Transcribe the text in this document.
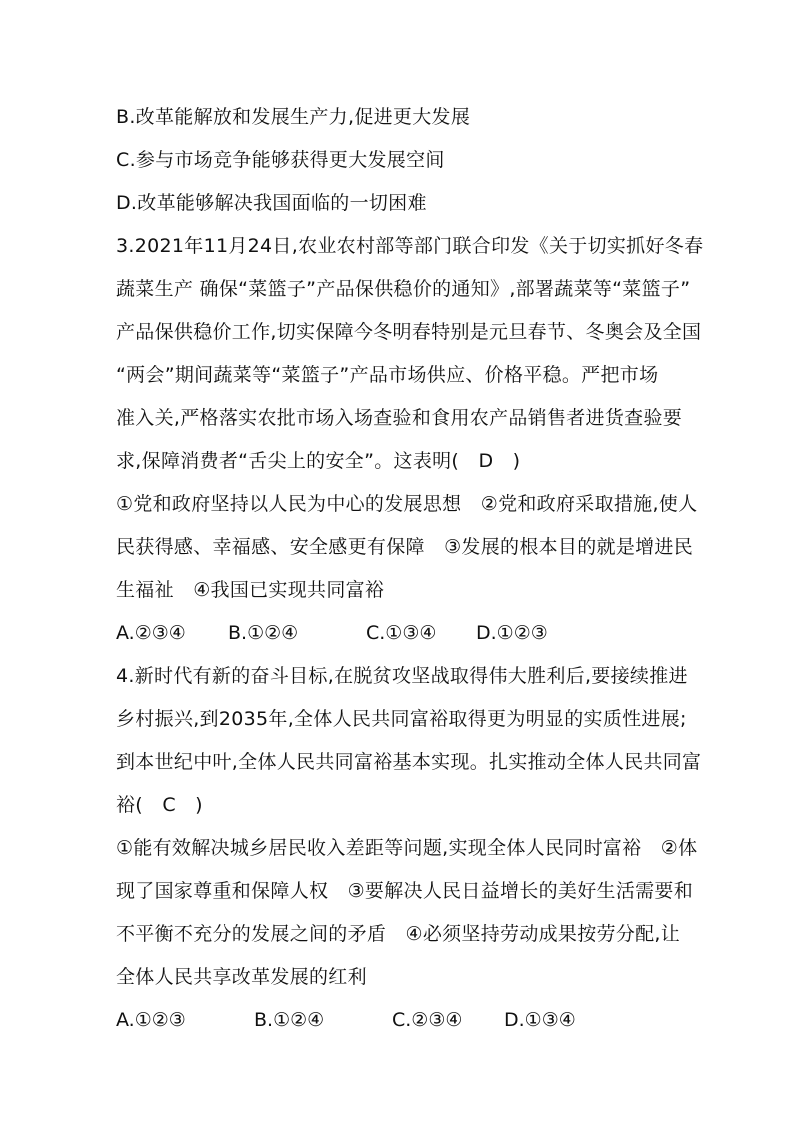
B.改革能解放和发展生产力,促进更大发展
C.参与市场竞争能够获得更大发展空间
D.改革能够解决我国面临的一切困难
3.2021年11月24日,农业农村部等部门联合印发《关于切实抓好冬春
蔬菜生产 确保“菜篮子”产品保供稳价的通知》,部署蔬菜等“菜篮子”
产品保供稳价工作,切实保障今冬明春特别是元旦春节、冬奥会及全国
“两会”期间蔬菜等“菜篮子”产品市场供应、价格平稳。严把市场
准入关,严格落实农批市场入场查验和食用农产品销售者进货查验要
求,保障消费者“舌尖上的安全”。这表明(　D　)
①党和政府坚持以人民为中心的发展思想　②党和政府采取措施,使人
民获得感、幸福感、安全感更有保障　③发展的根本目的就是增进民
生福祉　④我国已实现共同富裕
A.②③④ B.①②④	C.①③④ D.①②③
4.新时代有新的奋斗目标,在脱贫攻坚战取得伟大胜利后,要接续推进
乡村振兴,到2035年,全体人民共同富裕取得更为明显的实质性进展;
到本世纪中叶,全体人民共同富裕基本实现。扎实推动全体人民共同富
裕(　C　)
①能有效解决城乡居民收入差距等问题,实现全体人民同时富裕　②体
现了国家尊重和保障人权　③要解决人民日益增长的美好生活需要和
不平衡不充分的发展之间的矛盾　④必须坚持劳动成果按劳分配,让
全体人民共享改革发展的红利
A.①②③	B.①②④	C.②③④ D.①③④
